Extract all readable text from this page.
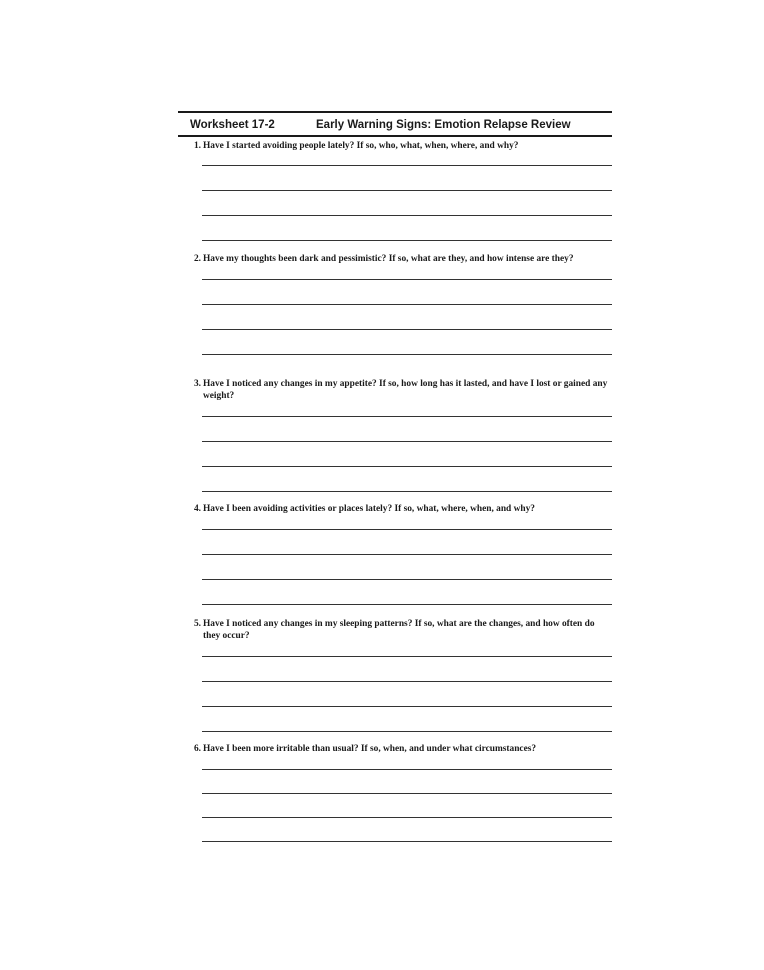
Worksheet 17-2	Early Warning Signs: Emotion Relapse Review
1. Have I started avoiding people lately? If so, who, what, when, where, and why?
2. Have my thoughts been dark and pessimistic? If so, what are they, and how intense are they?
3. Have I noticed any changes in my appetite? If so, how long has it lasted, and have I lost or gained any weight?
4. Have I been avoiding activities or places lately? If so, what, where, when, and why?
5. Have I noticed any changes in my sleeping patterns? If so, what are the changes, and how often do they occur?
6. Have I been more irritable than usual? If so, when, and under what circumstances?
